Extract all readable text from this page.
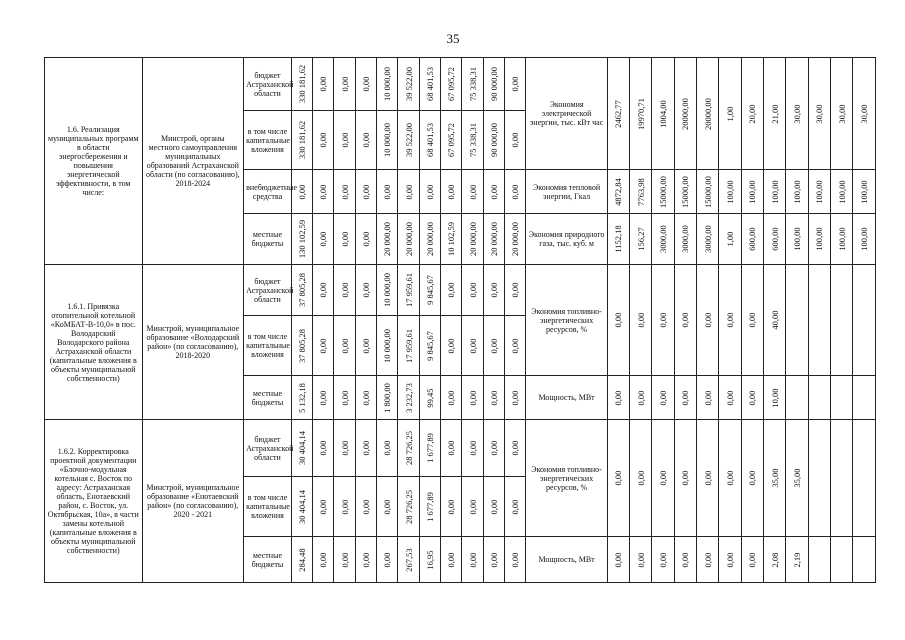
35
1.6. Реализация муниципальных программ в области энергосбережения и повышения энергетической эффективности, в том числе:	Минстрой, органы местного самоуправления муниципальных образований Астраханской области (по согласованию), 2018-2024	бюджет Астраханской области	330 181,62	0,00	0,00	0,00	10 000,00	39 522,00	68 401,53	67 095,72	75 338,31	90 000,00	0,00	Экономия электрической энергии, тыс. кВт час	2462,77	19970,71	1004,00	20000,00	20000,00	1,00	20,00	21,00	30,00	30,00	30,00	30,00

		в том числе капитальные вложения	330 181,62	0,00	0,00	0,00	10 000,00	39 522,00	68 401,53	67 095,72	75 338,31	90 000,00	0,00													

		внебюджетные средства	0,00	0,00	0,00	0,00	0,00	0,00	0,00	0,00	0,00	0,00	0,00	Экономия тепловой энергии, Гкал	4872,84	7763,98	15000,00	15000,00	15000,00	100,00	100,00	100,00	100,00	100,00	100,00	100,00

		местные бюджеты	130 102,59	0,00	0,00	0,00	20 000,00	20 000,00	20 000,00	10 102,59	20 000,00	20 000,00	20 000,00	Экономия природного газа, тыс. куб. м	1152,18	156,27	3000,00	3000,00	3000,00	1,00	600,00	600,00	100,00	100,00	100,00	100,00

1.6.1. Привязка отопительной котельной «КоМБАТ-В-10,0» в пос. Володарский Володарского района Астраханской области (капитальные вложения в объекты муниципальной собственности)	Минстрой, муниципальное образование «Володарский район» (по согласованию), 2018-2020	бюджет Астраханской области	37 805,28	0,00	0,00	0,00	10 000,00	17 959,61	9 845,67	0,00	0,00	0,00	0,00	Экономия топливно-энергетических ресурсов, %	0,00	0,00	0,00	0,00	0,00	0,00	0,00	40,00				

		в том числе капитальные вложения	37 805,28	0,00	0,00	0,00	10 000,00	17 959,61	9 845,67	0,00	0,00	0,00	0,00													

		местные бюджеты	5 132,18	0,00	0,00	0,00	1 800,00	3 232,73	99,45	0,00	0,00	0,00	0,00	Мощность, МВт	0,00	0,00	0,00	0,00	0,00	0,00	0,00	10,00				

1.6.2. Корректировка проектной документации «Блочно-модульная котельная с. Восток по адресу: Астраханская область, Енотаевский район, с. Восток, ул. Октябрьская, 10а», в части замены котельной (капитальные вложения в объекты муниципальной собственности)	Минстрой, муниципальное образование «Енотаевский район» (по согласованию), 2020 - 2021	бюджет Астраханской области	30 404,14	0,00	0,00	0,00	0,00	28 726,25	1 677,89	0,00	0,00	0,00	0,00	Экономия топливно-энергетических ресурсов, %	0,00	0,00	0,00	0,00	0,00	0,00	0,00	35,00	35,00			

		в том числе капитальные вложения	30 404,14	0,00	0,00	0,00	0,00	28 726,25	1 677,89	0,00	0,00	0,00	0,00													

		местные бюджеты	284,48	0,00	0,00	0,00	0,00	267,53	16,95	0,00	0,00	0,00	0,00	Мощность, МВт	0,00	0,00	0,00	0,00	0,00	0,00	0,00	2,08	2,19			
